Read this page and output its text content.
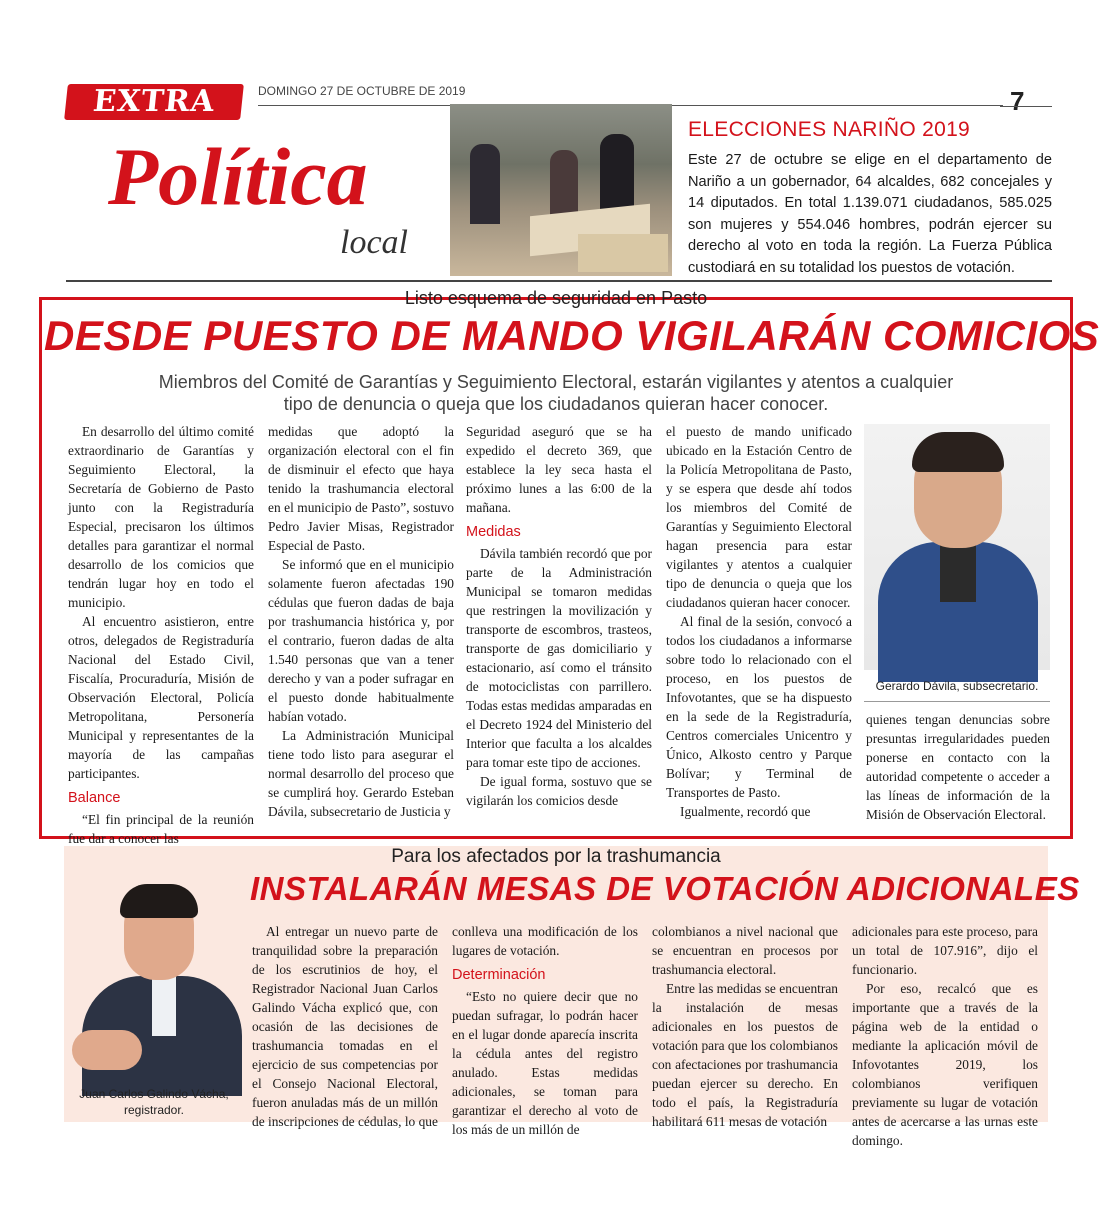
EXTRA	DOMINGO 27 DE OCTUBRE DE 2019	7
Política
local
ELECCIONES NARIÑO 2019
Este 27 de octubre se elige en el departamento de Nariño a un gobernador, 64 alcaldes, 682 concejales y 14 diputados. En total 1.139.071 ciudadanos, 585.025 son mujeres y 554.046 hombres, podrán ejercer su derecho al voto en toda la región. La Fuerza Pública custodiará en su totalidad los puestos de votación.
Listo esquema de seguridad en Pasto
DESDE PUESTO DE MANDO VIGILARÁN COMICIOS
Miembros del Comité de Garantías y Seguimiento Electoral, estarán vigilantes y atentos a cualquier tipo de denuncia o queja que los ciudadanos quieran hacer conocer.

En desarrollo del último comité extraordinario de Garantías y Seguimiento Electoral, la Secretaría de Gobierno de Pasto junto con la Registraduría Especial, precisaron los últimos detalles para garantizar el normal desarrollo de los comicios que tendrán lugar hoy en todo el municipio.

Al encuentro asistieron, entre otros, delegados de Registraduría Nacional del Estado Civil, Fiscalía, Procuraduría, Misión de Observación Electoral, Policía Metropolitana, Personería Municipal y representantes de la mayoría de las campañas participantes.

Balance

“El fin principal de la reunión fue dar a conocer las

medidas que adoptó la organización electoral con el fin de disminuir el efecto que haya tenido la trashumancia electoral en el municipio de Pasto”, sostuvo Pedro Javier Misas, Registrador Especial de Pasto.

Se informó que en el municipio solamente fueron afectadas 190 cédulas que fueron dadas de baja por trashumancia histórica y, por el contrario, fueron dadas de alta 1.540 personas que van a tener derecho y van a poder sufragar en el puesto donde habitualmente habían votado.

La Administración Municipal tiene todo listo para asegurar el normal desarrollo del proceso que se cumplirá hoy. Gerardo Esteban Dávila, subsecretario de Justicia y

Seguridad aseguró que se ha expedido el decreto 369, que establece la ley seca hasta el próximo lunes a las 6:00 de la mañana.

Medidas

Dávila también recordó que por parte de la Administración Municipal se tomaron medidas que restringen la movilización y transporte de escombros, trasteos, transporte de gas domiciliario y estacionario, así como el tránsito de motociclistas con parrillero. Todas estas medidas amparadas en el Decreto 1924 del Ministerio del Interior que faculta a los alcaldes para tomar este tipo de acciones.

De igual forma, sostuvo que se vigilarán los comicios desde

el puesto de mando unificado ubicado en la Estación Centro de la Policía Metropolitana de Pasto, y se espera que desde ahí todos los miembros del Comité de Garantías y Seguimiento Electoral hagan presencia para estar vigilantes y atentos a cualquier tipo de denuncia o queja que los ciudadanos quieran hacer conocer.

Al final de la sesión, convocó a todos los ciudadanos a informarse sobre todo lo relacionado con el proceso, en los puestos de Infovotantes, que se ha dispuesto en la sede de la Registraduría, Centros comerciales Unicentro y Único, Alkosto centro y Parque Bolívar; y Terminal de Transportes de Pasto.

Igualmente, recordó que

Gerardo Dávila, subsecretario.

quienes tengan denuncias sobre presuntas irregularidades pueden ponerse en contacto con la autoridad competente o acceder a las líneas de información de la Misión de Observación Electoral.

Para los afectados por la trashumancia
INSTALARÁN MESAS DE VOTACIÓN ADICIONALES
Juan Carlos Galindo Vácha, registrador.

Al entregar un nuevo parte de tranquilidad sobre la preparación de los escrutinios de hoy, el Registrador Nacional Juan Carlos Galindo Vácha explicó que, con ocasión de las decisiones de trashumancia tomadas en el ejercicio de sus competencias por el Consejo Nacional Electoral, fueron anuladas más de un millón de inscripciones de cédulas, lo que

conlleva una modificación de los lugares de votación.

Determinación

“Esto no quiere decir que no puedan sufragar, lo podrán hacer en el lugar donde aparecía inscrita la cédula antes del registro anulado. Estas medidas adicionales, se toman para garantizar el derecho al voto de los más de un millón de

colombianos a nivel nacional que se encuentran en procesos por trashumancia electoral.

Entre las medidas se encuentran la instalación de mesas adicionales en los puestos de votación para que los colombianos con afectaciones por trashumancia puedan ejercer su derecho. En todo el país, la Registraduría habilitará 611 mesas de votación

adicionales para este proceso, para un total de 107.916”, dijo el funcionario.

Por eso, recalcó que es importante que a través de la página web de la entidad o mediante la aplicación móvil de Infovotantes 2019, los colombianos verifiquen previamente su lugar de votación antes de acercarse a las urnas este domingo.
